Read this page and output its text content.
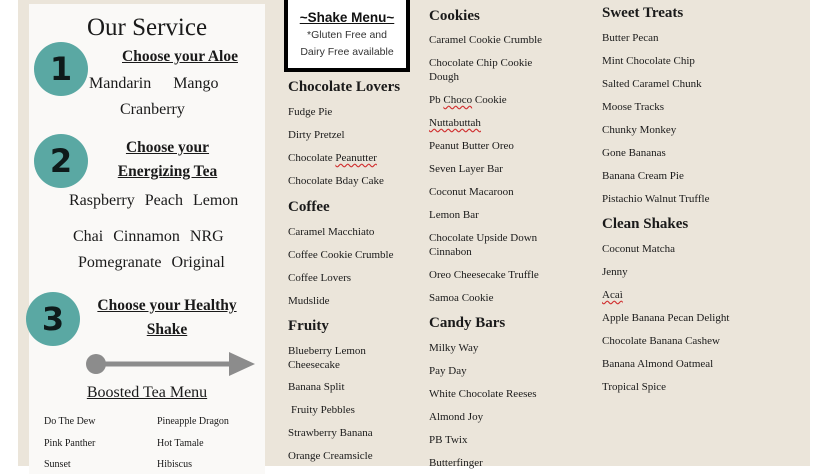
Our Service
1	Choose your Aloe
Mandarin Mango
Cranberry
2	Choose your
Energizing Tea
Raspberry Peach Lemon
Chai Cinnamon NRG
Pomegranate Original
3	Choose your Healthy
Shake
Boosted Tea Menu
Do The Dew	Pineapple Dragon
Pink Panther	Hot Tamale
Sunset	Hibiscus
~Shake Menu~
*Gluten Free and
Dairy Free available
Chocolate Lovers
Fudge Pie
Dirty Pretzel
Chocolate Peanutter
Chocolate Bday Cake
Coffee
Caramel Macchiato
Coffee Cookie Crumble
Coffee Lovers
Mudslide
Fruity
Blueberry Lemon Cheesecake
Banana Split
Fruity Pebbles
Strawberry Banana
Orange Creamsicle
Cookies
Caramel Cookie Crumble
Chocolate Chip Cookie Dough
Pb Choco Cookie
Nuttabuttah
Peanut Butter Oreo
Seven Layer Bar
Coconut Macaroon
Lemon Bar
Chocolate Upside Down Cinnabon
Oreo Cheesecake Truffle
Samoa Cookie
Candy Bars
Milky Way
Pay Day
White Chocolate Reeses
Almond Joy
PB Twix
Butterfinger
Sweet Treats
Butter Pecan
Mint Chocolate Chip
Salted Caramel Chunk
Moose Tracks
Chunky Monkey
Gone Bananas
Banana Cream Pie
Pistachio Walnut Truffle
Clean Shakes
Coconut Matcha
Jenny
Acaì
Apple Banana Pecan Delight
Chocolate Banana Cashew
Banana Almond Oatmeal
Tropical Spice
